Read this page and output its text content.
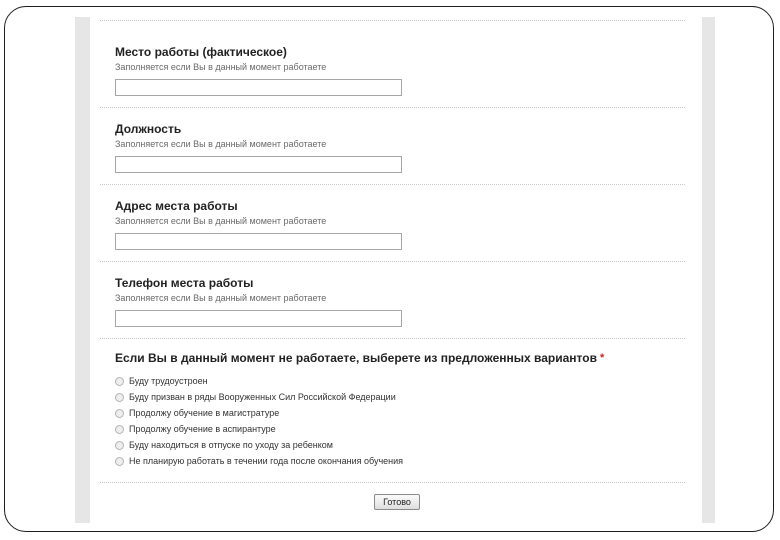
Место работы (фактическое)
Заполняется если Вы в данный момент работаете
Должность
Заполняется если Вы в данный момент работаете
Адрес места работы
Заполняется если Вы в данный момент работаете
Телефон места работы
Заполняется если Вы в данный момент работаете
Если Вы в данный момент не работаете, выберете из предложенных вариантов *
Буду трудоустроен
Буду призван в ряды Вооруженных Сил Российской Федерации
Продолжу обучение в магистратуре
Продолжу обучение в аспирантуре
Буду находиться в отпуске по уходу за ребенком
Не планирую работать в течении года после окончания обучения
Готово
